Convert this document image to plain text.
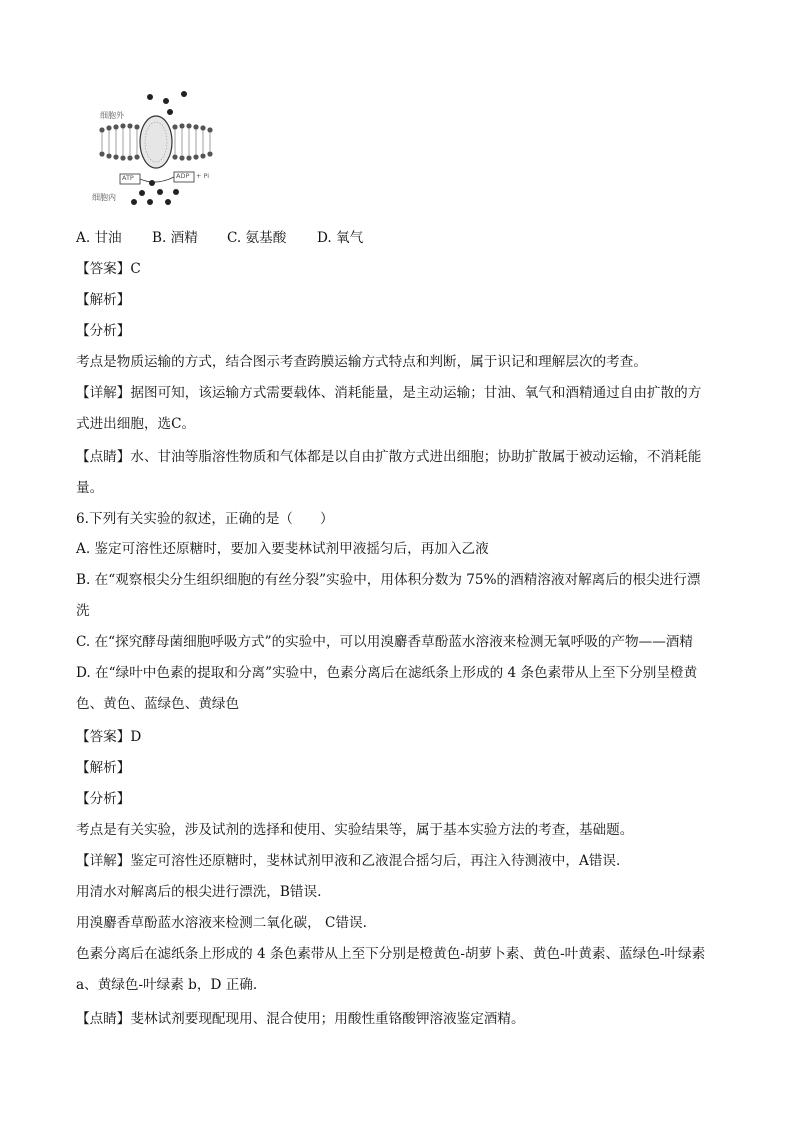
细胞外
细胞内
ATP	ADP + Pi
A. 甘油 B. 酒精 C. 氨基酸 D. 氧气
【答案】C
【解析】
【分析】
考点是物质运输的方式，结合图示考查跨膜运输方式特点和判断，属于识记和理解层次的考查。
【详解】据图可知，该运输方式需要载体、消耗能量，是主动运输；甘油、氧气和酒精通过自由扩散的方
式进出细胞，选C。
【点睛】水、甘油等脂溶性物质和气体都是以自由扩散方式进出细胞；协助扩散属于被动运输，不消耗能
量。
6.下列有关实验的叙述，正确的是（　　）
A. 鉴定可溶性还原糖时，要加入要斐林试剂甲液摇匀后，再加入乙液
B. 在“观察根尖分生组织细胞的有丝分裂”实验中，用体积分数为 75%的酒精溶液对解离后的根尖进行漂
洗
C. 在“探究酵母菌细胞呼吸方式”的实验中，可以用溴麝香草酚蓝水溶液来检测无氧呼吸的产物——酒精
D. 在“绿叶中色素的提取和分离”实验中，色素分离后在滤纸条上形成的 4 条色素带从上至下分别呈橙黄
色、黄色、蓝绿色、黄绿色
【答案】D
【解析】
【分析】
考点是有关实验，涉及试剂的选择和使用、实验结果等，属于基本实验方法的考查，基础题。
【详解】鉴定可溶性还原糖时，斐林试剂甲液和乙液混合摇匀后，再注入待测液中，A错误.
用清水对解离后的根尖进行漂洗，B错误.
用溴麝香草酚蓝水溶液来检测二氧化碳， C错误.
色素分离后在滤纸条上形成的 4 条色素带从上至下分别是橙黄色-胡萝卜素、黄色-叶黄素、蓝绿色-叶绿素
a、黄绿色-叶绿素 b，D 正确.
【点睛】斐林试剂要现配现用、混合使用；用酸性重铬酸钾溶液鉴定酒精。
